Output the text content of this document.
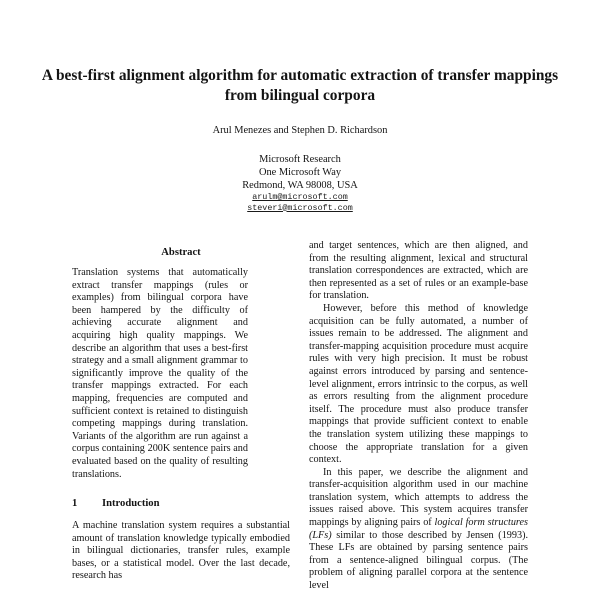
A best-first alignment algorithm for automatic extraction of transfer mappings from bilingual corpora
Arul Menezes and Stephen D. Richardson
Microsoft Research
One Microsoft Way
Redmond, WA 98008, USA
arulm@microsoft.com
steveri@microsoft.com
Abstract

Translation systems that automatically extract transfer mappings (rules or examples) from bilingual corpora have been hampered by the difficulty of achieving accurate alignment and acquiring high quality mappings. We describe an algorithm that uses a best-first strategy and a small alignment grammar to significantly improve the quality of the transfer mappings extracted. For each mapping, frequencies are computed and sufficient context is retained to distinguish competing mappings during translation. Variants of the algorithm are run against a corpus containing 200K sentence pairs and evaluated based on the quality of resulting translations.

1 Introduction

A machine translation system requires a substantial amount of translation knowledge typically embodied in bilingual dictionaries, transfer rules, example bases, or a statistical model. Over the last decade, research has

and target sentences, which are then aligned, and from the resulting alignment, lexical and structural translation correspondences are extracted, which are then represented as a set of rules or an example-base for translation.

However, before this method of knowledge acquisition can be fully automated, a number of issues remain to be addressed. The alignment and transfer-mapping acquisition procedure must acquire rules with very high precision. It must be robust against errors introduced by parsing and sentence-level alignment, errors intrinsic to the corpus, as well as errors resulting from the alignment procedure itself. The procedure must also produce transfer mappings that provide sufficient context to enable the translation system utilizing these mappings to choose the appropriate translation for a given context.

In this paper, we describe the alignment and transfer-acquisition algorithm used in our machine translation system, which attempts to address the issues raised above. This system acquires transfer mappings by aligning pairs of logical form structures (LFs) similar to those described by Jensen (1993). These LFs are obtained by parsing sentence pairs from a sentence-aligned bilingual corpus. (The problem of aligning parallel corpora at the sentence level
